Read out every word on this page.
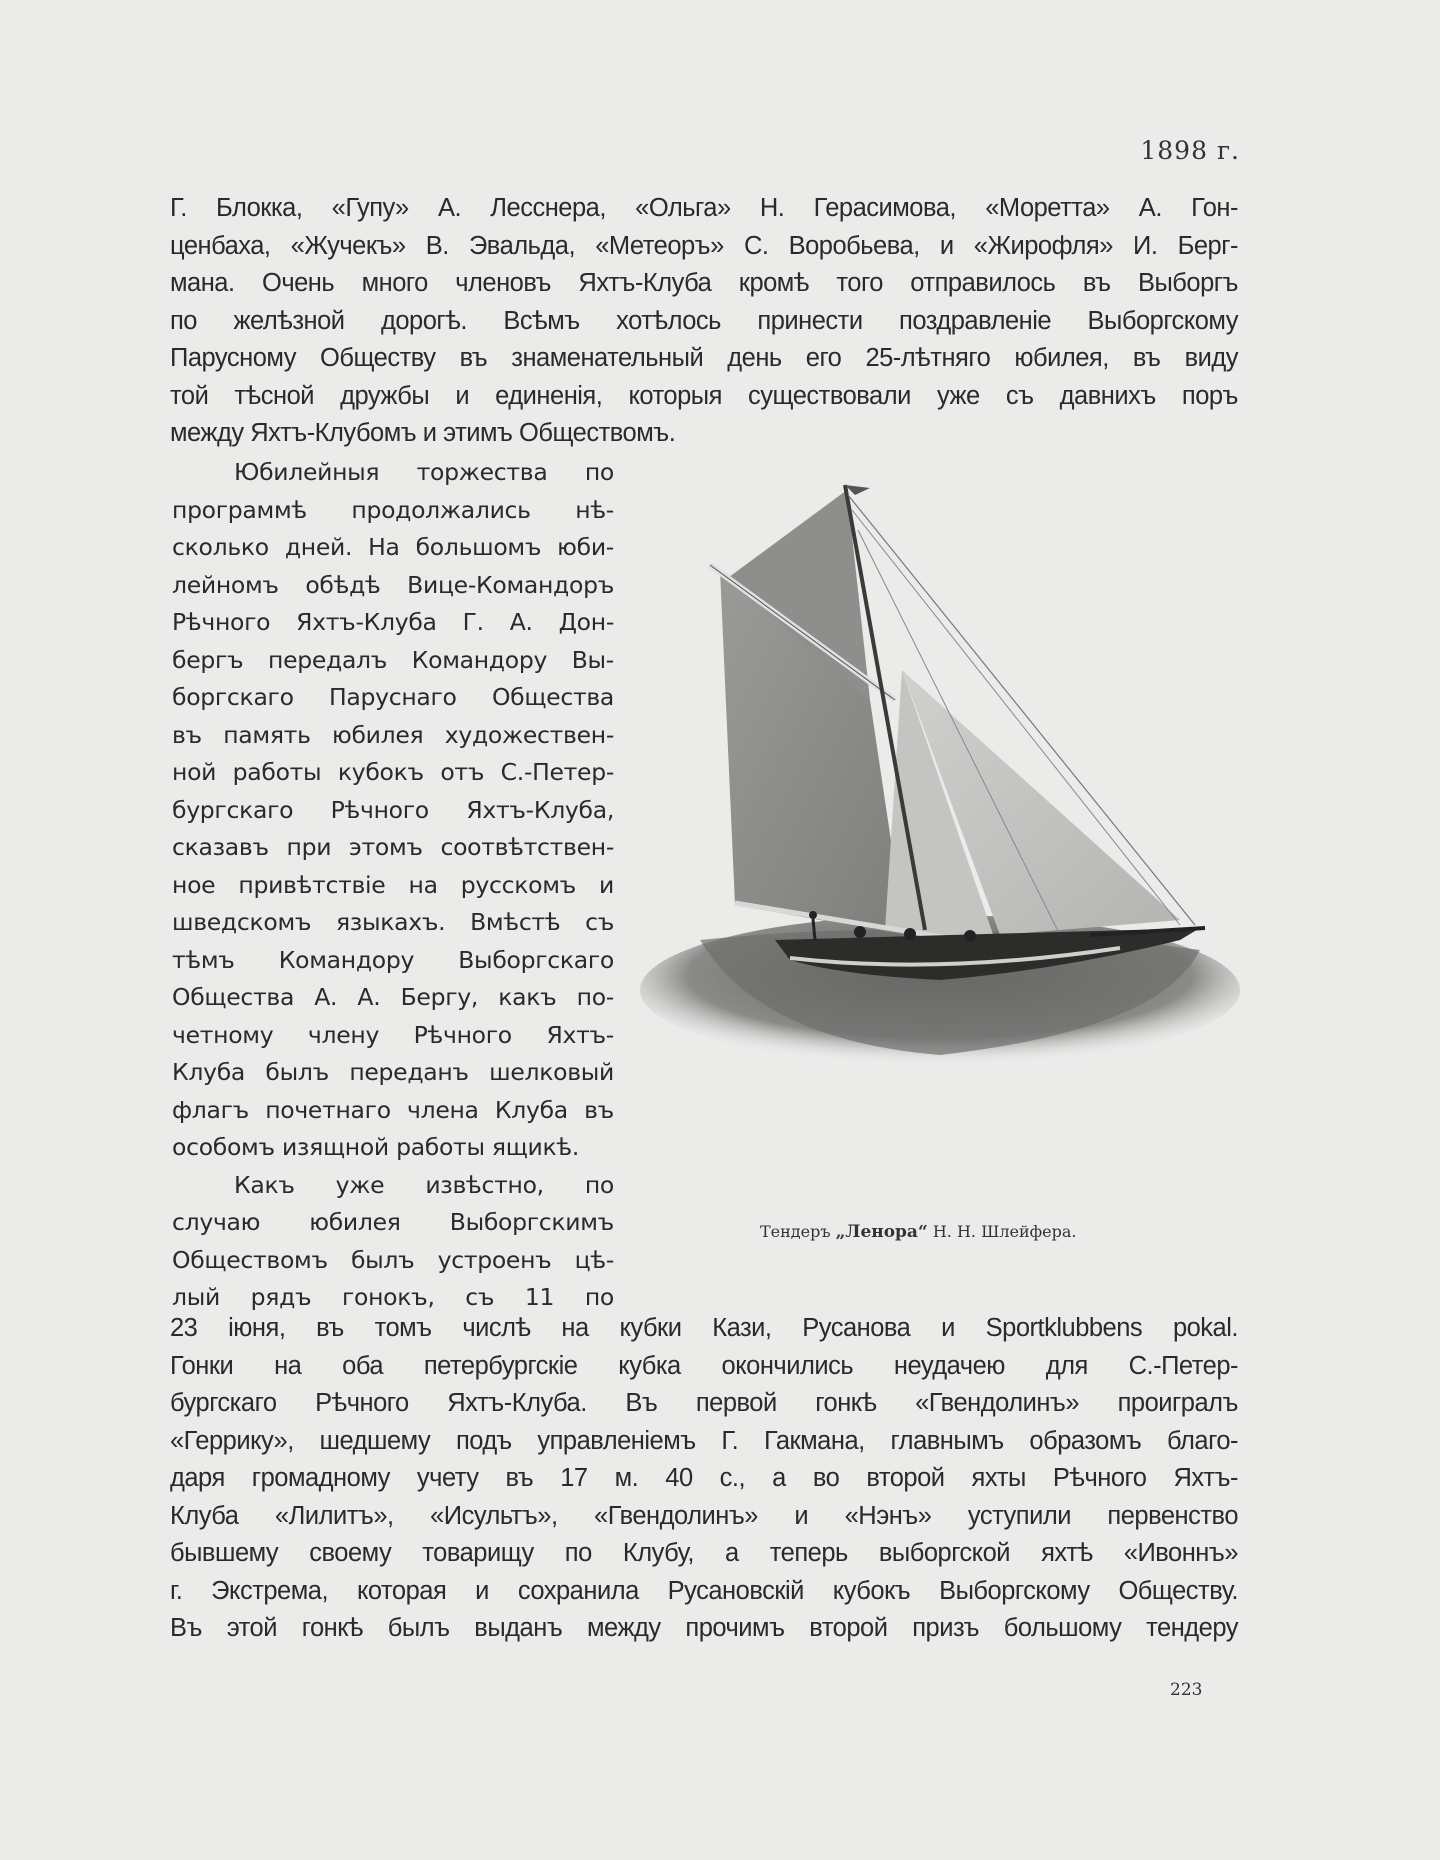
1898 г.
Г. Блокка, «Гупу» А. Лесснера, «Ольга» Н. Герасимова, «Моретта» А. Гон-
ценбаха, «Жучекъ» В. Эвальда, «Метеоръ» С. Воробьева, и «Жирофля» И. Берг-
мана. Очень много членовъ Яхтъ-Клуба кромѣ того отправилось въ Выборгъ
по желѣзной дорогѣ. Всѣмъ хотѣлось принести поздравленіе Выборгскому
Парусному Обществу въ знаменательный день его 25-лѣтняго юбилея, въ виду
той тѣсной дружбы и единенія, которыя существовали уже съ давнихъ поръ
между Яхтъ-Клубомъ и этимъ Обществомъ.
Юбилейныя торжества по
программѣ продолжались нѣ-
сколько дней. На большомъ юби-
лейномъ обѣдѣ Вице-Командоръ
Рѣчного Яхтъ-Клуба Г. А. Дон-
бергъ передалъ Командору Вы-
боргскаго Паруснаго Общества
въ память юбилея художествен-
ной работы кубокъ отъ С.-Петер-
бургскаго Рѣчного Яхтъ-Клуба,
сказавъ при этомъ соотвѣтствен-
ное привѣтствіе на русскомъ и
шведскомъ языкахъ. Вмѣстѣ съ
тѣмъ Командору Выборгскаго
Общества А. А. Бергу, какъ по-
четному члену Рѣчного Яхтъ-
Клуба былъ переданъ шелковый
флагъ почетнаго члена Клуба въ
особомъ изящной работы ящикѣ.
Какъ уже извѣстно, по
случаю юбилея Выборгскимъ
Обществомъ былъ устроенъ цѣ-
лый рядъ гонокъ, съ 11 по
Тендеръ „Ленора“ Н. Н. Шлейфера.
23 іюня, въ томъ числѣ на кубки Кази, Русанова и Sportklubbens pokal.
Гонки на оба петербургскіе кубка окончились неудачею для С.-Петер-
бургскаго Рѣчного Яхтъ-Клуба. Въ первой гонкѣ «Гвендолинъ» проигралъ
«Геррику», шедшему подъ управленіемъ Г. Гакмана, главнымъ образомъ благо-
даря громадному учету въ 17 м. 40 с., а во второй яхты Рѣчного Яхтъ-
Клуба «Лилитъ», «Исультъ», «Гвендолинъ» и «Нэнъ» уступили первенство
бывшему своему товарищу по Клубу, а теперь выборгской яхтѣ «Ивоннъ»
г. Экстрема, которая и сохранила Русановскій кубокъ Выборгскому Обществу.
Въ этой гонкѣ былъ выданъ между прочимъ второй призъ большому тендеру
223
